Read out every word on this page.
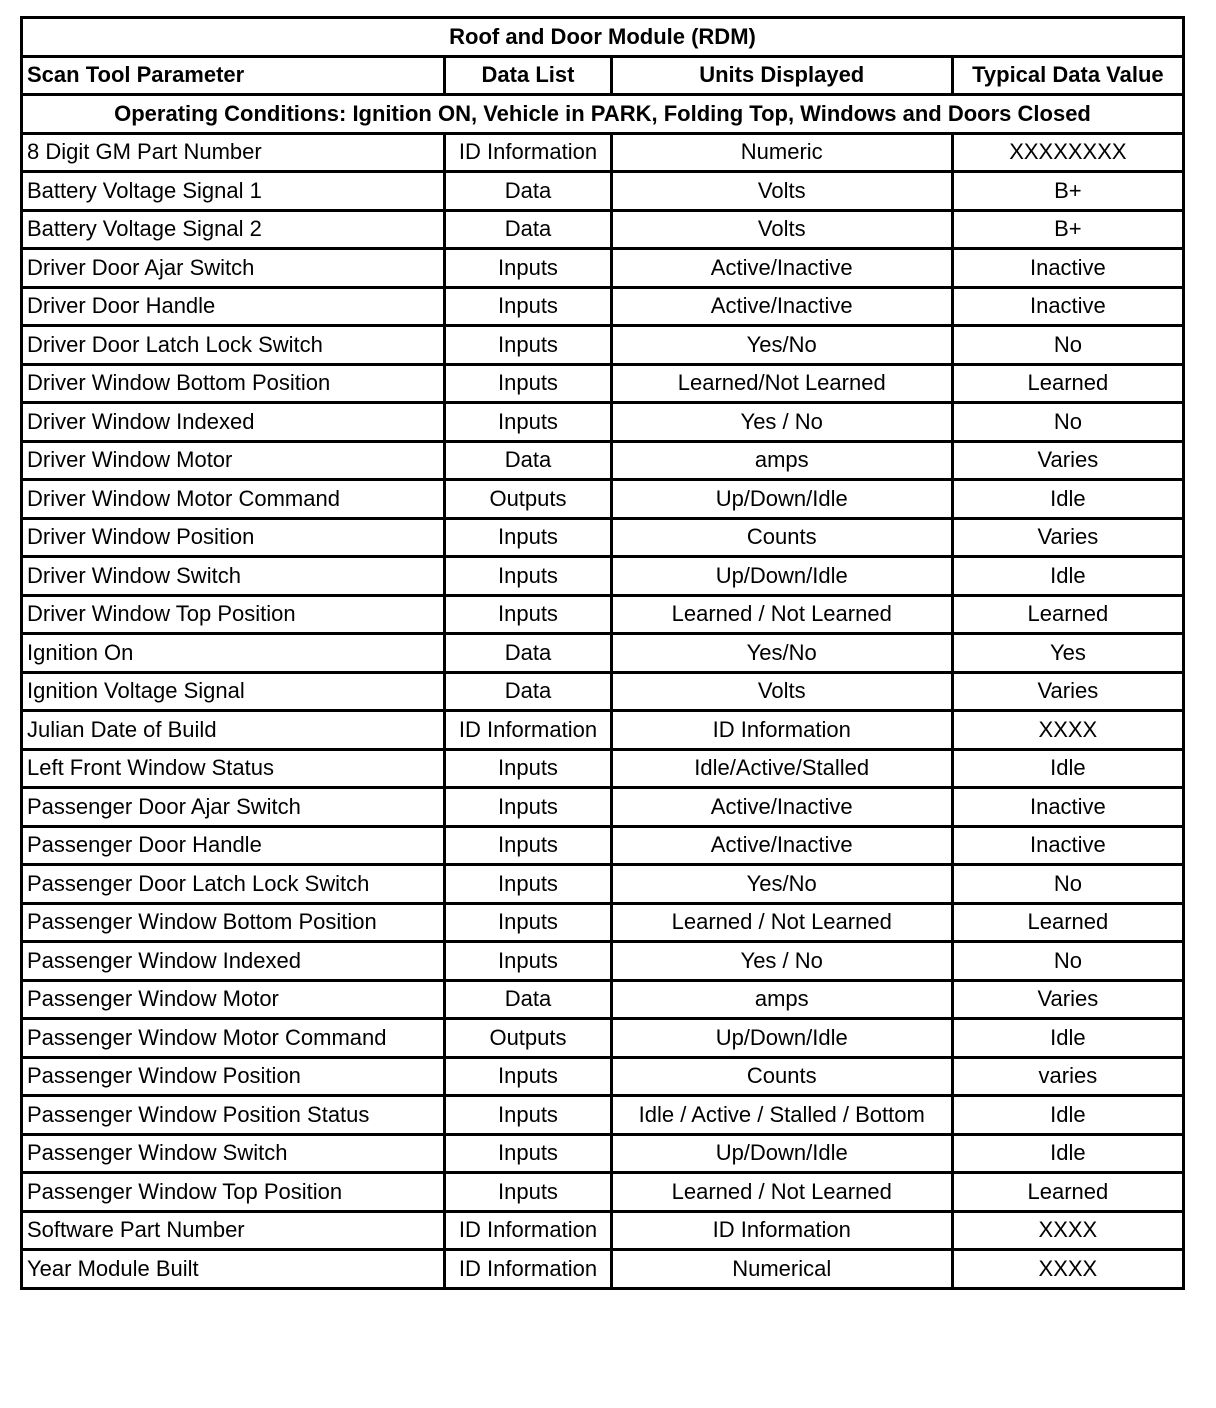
Roof and Door Module (RDM)			
Scan Tool Parameter	Data List	Units Displayed	Typical Data Value
Operating Conditions: Ignition ON, Vehicle in PARK, Folding Top, Windows and Doors Closed			
8 Digit GM Part Number	ID Information	Numeric	XXXXXXXX
Battery Voltage Signal 1	Data	Volts	B+
Battery Voltage Signal 2	Data	Volts	B+
Driver Door Ajar Switch	Inputs	Active/Inactive	Inactive
Driver Door Handle	Inputs	Active/Inactive	Inactive
Driver Door Latch Lock Switch	Inputs	Yes/No	No
Driver Window Bottom Position	Inputs	Learned/Not Learned	Learned
Driver Window Indexed	Inputs	Yes / No	No
Driver Window Motor	Data	amps	Varies
Driver Window Motor Command	Outputs	Up/Down/Idle	Idle
Driver Window Position	Inputs	Counts	Varies
Driver Window Switch	Inputs	Up/Down/Idle	Idle
Driver Window Top Position	Inputs	Learned / Not Learned	Learned
Ignition On	Data	Yes/No	Yes
Ignition Voltage Signal	Data	Volts	Varies
Julian Date of Build	ID Information	ID Information	XXXX
Left Front Window Status	Inputs	Idle/Active/Stalled	Idle
Passenger Door Ajar Switch	Inputs	Active/Inactive	Inactive
Passenger Door Handle	Inputs	Active/Inactive	Inactive
Passenger Door Latch Lock Switch	Inputs	Yes/No	No
Passenger Window Bottom Position	Inputs	Learned / Not Learned	Learned
Passenger Window Indexed	Inputs	Yes / No	No
Passenger Window Motor	Data	amps	Varies
Passenger Window Motor Command	Outputs	Up/Down/Idle	Idle
Passenger Window Position	Inputs	Counts	varies
Passenger Window Position Status	Inputs	Idle / Active / Stalled / Bottom	Idle
Passenger Window Switch	Inputs	Up/Down/Idle	Idle
Passenger Window Top Position	Inputs	Learned / Not Learned	Learned
Software Part Number	ID Information	ID Information	XXXX
Year Module Built	ID Information	Numerical	XXXX
